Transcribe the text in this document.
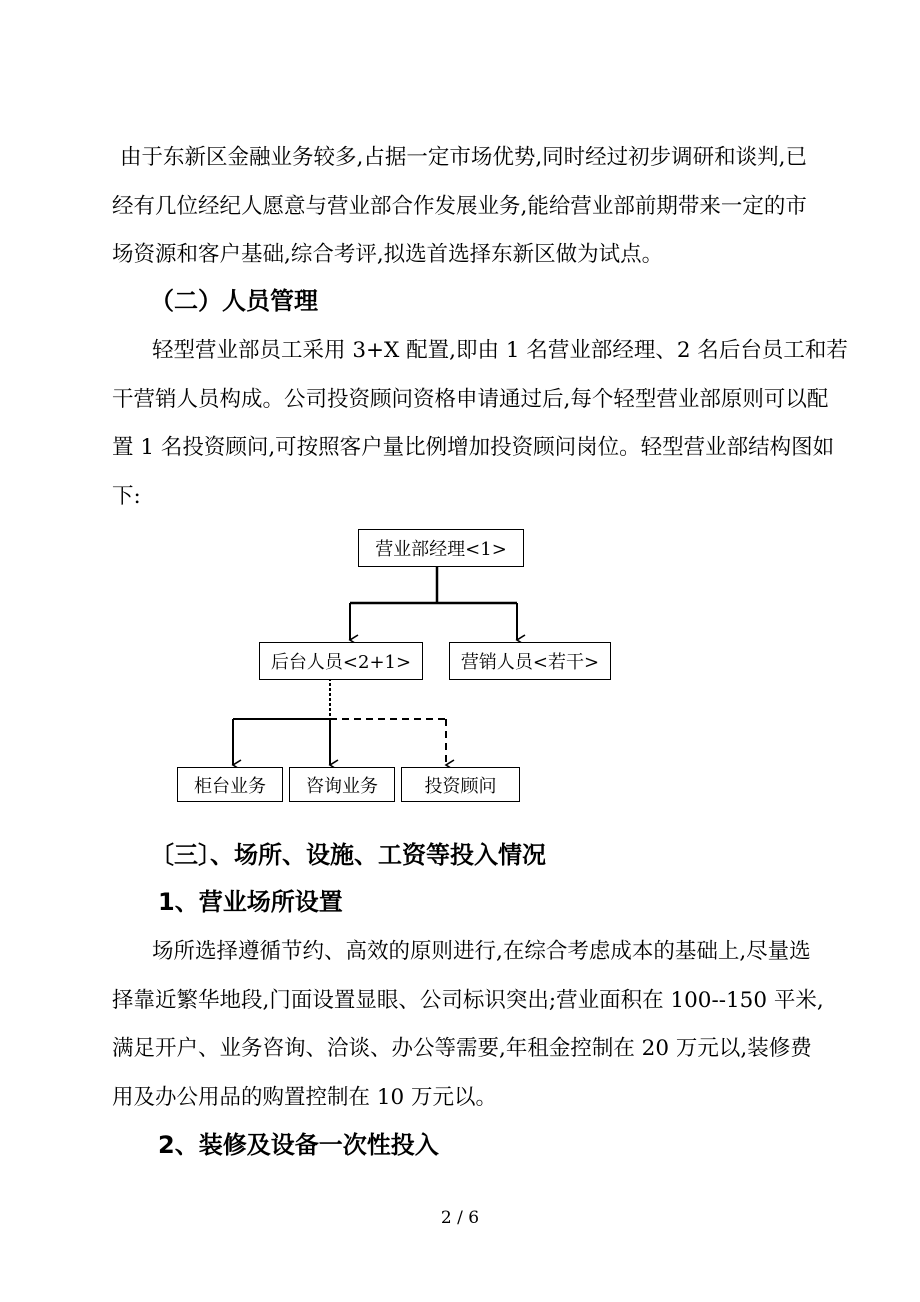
由于东新区金融业务较多,占据一定市场优势,同时经过初步调研和谈判,已
经有几位经纪人愿意与营业部合作发展业务,能给营业部前期带来一定的市
场资源和客户基础,综合考评,拟选首选择东新区做为试点。
（二）人员管理
轻型营业部员工采用 3+X 配置,即由 1 名营业部经理、2 名后台员工和若
干营销人员构成。公司投资顾问资格申请通过后,每个轻型营业部原则可以配
置 1 名投资顾问,可按照客户量比例增加投资顾问岗位。轻型营业部结构图如
下:
营业部经理<1>
后台人员<2+1>	营销人员<若干>
柜台业务	咨询业务	投资顾问
〔三〕、场所、设施、工资等投入情况
1、营业场所设置
场所选择遵循节约、高效的原则进行,在综合考虑成本的基础上,尽量选
择靠近繁华地段,门面设置显眼、公司标识突出;营业面积在 100--150 平米,
满足开户、业务咨询、洽谈、办公等需要,年租金控制在 20 万元以,装修费
用及办公用品的购置控制在 10 万元以。
2、装修及设备一次性投入
2 / 6
